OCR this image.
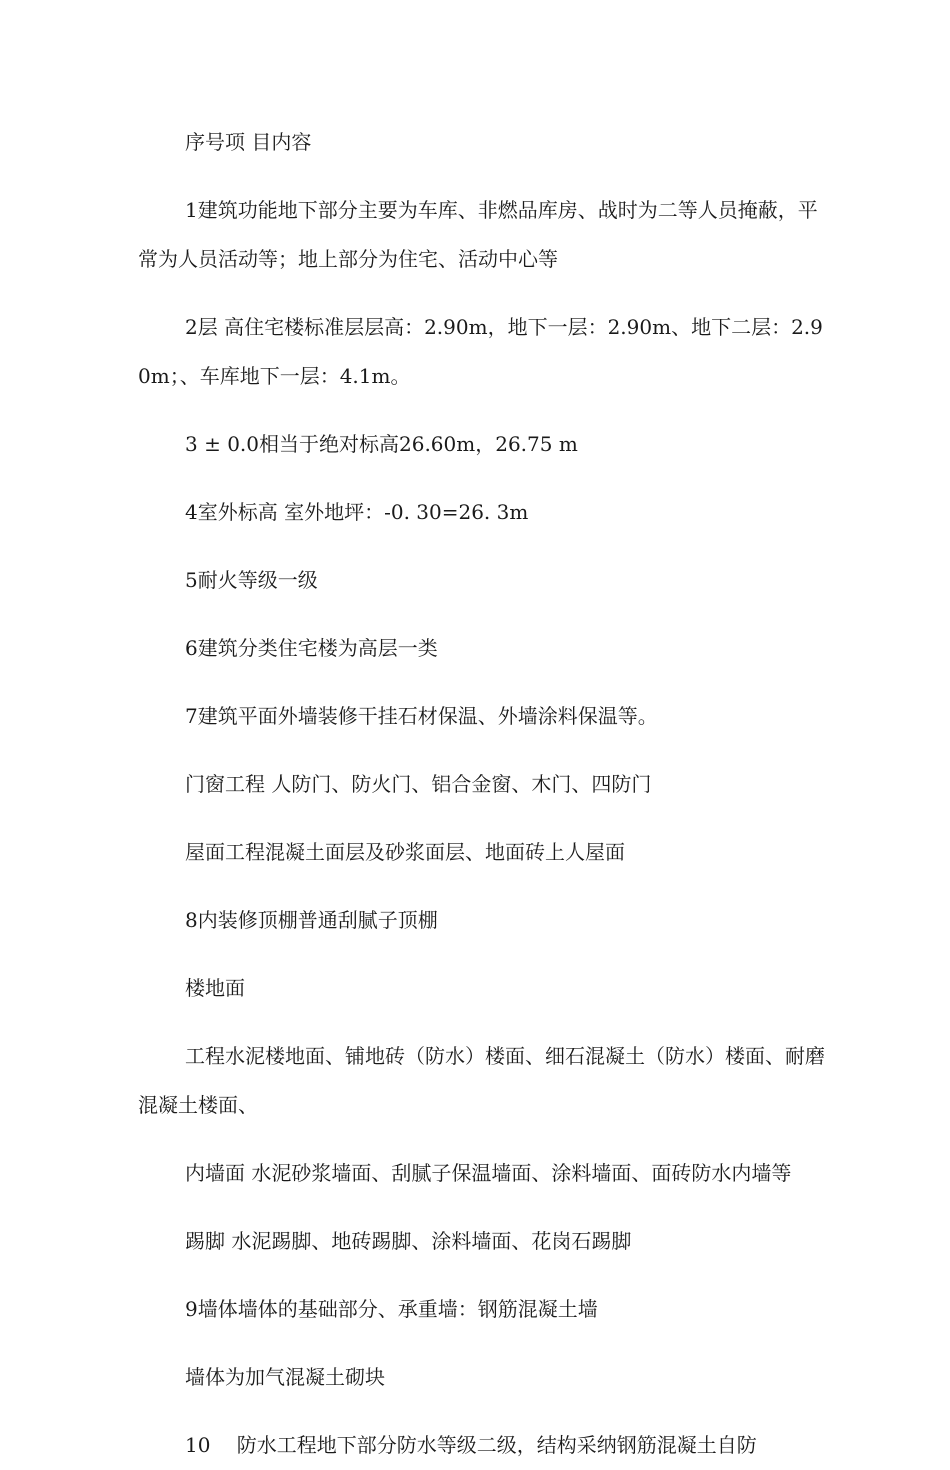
序号项 目内容

1建筑功能地下部分主要为车库、非燃品库房、战时为二等人员掩蔽，平常为人员活动等；地上部分为住宅、活动中心等

2层 高住宅楼标准层层高：2.90m，地下一层：2.90m、地下二层：2.90m；、车库地下一层：4.1m。

3 ± 0.0相当于绝对标高26.60m，26.75 m

4室外标高 室外地坪：-0. 30=26. 3m

5耐火等级一级

6建筑分类住宅楼为高层一类

7建筑平面外墙装修干挂石材保温、外墙涂料保温等。

门窗工程 人防门、防火门、铝合金窗、木门、四防门

屋面工程混凝土面层及砂浆面层、地面砖上人屋面

8内装修顶棚普通刮腻子顶棚

楼地面

工程水泥楼地面、铺地砖（防水）楼面、细石混凝土（防水）楼面、耐磨混凝土楼面、

内墙面 水泥砂浆墙面、刮腻子保温墙面、涂料墙面、面砖防水内墙等

踢脚 水泥踢脚、地砖踢脚、涂料墙面、花岗石踢脚

9墙体墙体的基础部分、承重墙：钢筋混凝土墙

墙体为加气混凝土砌块

10　 防水工程地下部分防水等级二级，结构采纳钢筋混凝土自防
